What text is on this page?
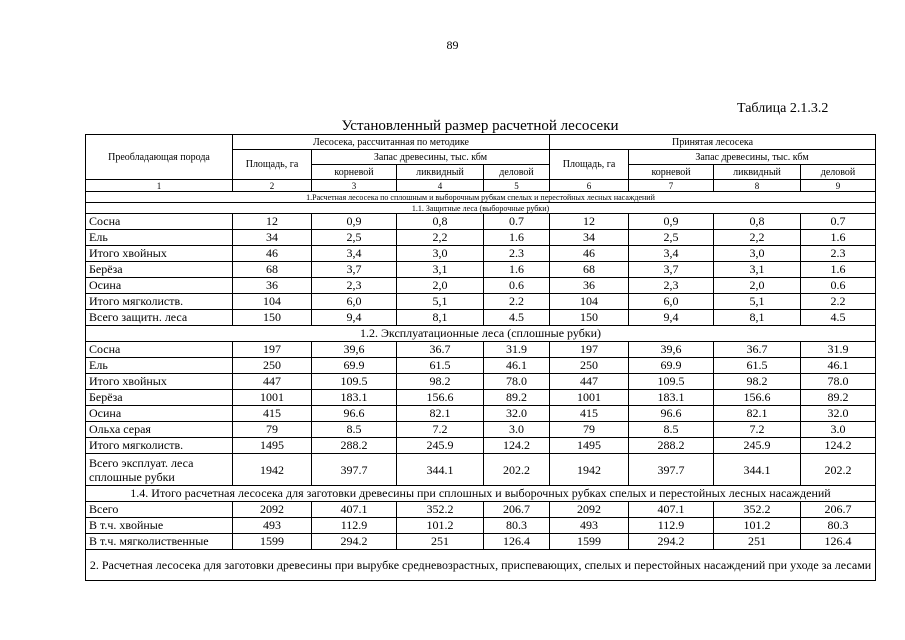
89
Таблица 2.1.3.2
Установленный размер расчетной лесосеки
Преобладающая порода	Лесосека, рассчитанная по методике				Принятая лесосека			
	Площадь, га	Запас древесины, тыс. кбм			Площадь, га	Запас древесины, тыс. кбм		
		корневой	ликвидный	деловой		корневой	ликвидный	деловой
1	2	3	4	5	6	7	8	9
1.Расчетная лесосека по сплошным и выборочным рубкам спелых и перестойных лесных насаждений								
1.1. Защитные леса (выборочные рубки)								
Сосна	12	0,9	0,8	0.7	12	0,9	0,8	0.7
Ель	34	2,5	2,2	1.6	34	2,5	2,2	1.6
Итого хвойных	46	3,4	3,0	2.3	46	3,4	3,0	2.3
Берёза	68	3,7	3,1	1.6	68	3,7	3,1	1.6
Осина	36	2,3	2,0	0.6	36	2,3	2,0	0.6
Итого мягколиств.	104	6,0	5,1	2.2	104	6,0	5,1	2.2
Всего защитн. леса	150	9,4	8,1	4.5	150	9,4	8,1	4.5
1.2. Эксплуатационные леса (сплошные рубки)								
Сосна	197	39,6	36.7	31.9	197	39,6	36.7	31.9
Ель	250	69.9	61.5	46.1	250	69.9	61.5	46.1
Итого хвойных	447	109.5	98.2	78.0	447	109.5	98.2	78.0
Берёза	1001	183.1	156.6	89.2	1001	183.1	156.6	89.2
Осина	415	96.6	82.1	32.0	415	96.6	82.1	32.0
Ольха серая	79	8.5	7.2	3.0	79	8.5	7.2	3.0
Итого мягколиств.	1495	288.2	245.9	124.2	1495	288.2	245.9	124.2
Всего эксплуат. леса сплошные рубки	1942	397.7	344.1	202.2	1942	397.7	344.1	202.2
1.4. Итого расчетная лесосека для заготовки древесины при сплошных и выборочных рубках спелых и перестойных лесных насаждений								
Всего	2092	407.1	352.2	206.7	2092	407.1	352.2	206.7
В т.ч. хвойные	493	112.9	101.2	80.3	493	112.9	101.2	80.3
В т.ч. мягколиственные	1599	294.2	251	126.4	1599	294.2	251	126.4
2. Расчетная лесосека для заготовки древесины при вырубке средневозрастных, приспевающих, спелых и перестойных насаждений при уходе за лесами								
